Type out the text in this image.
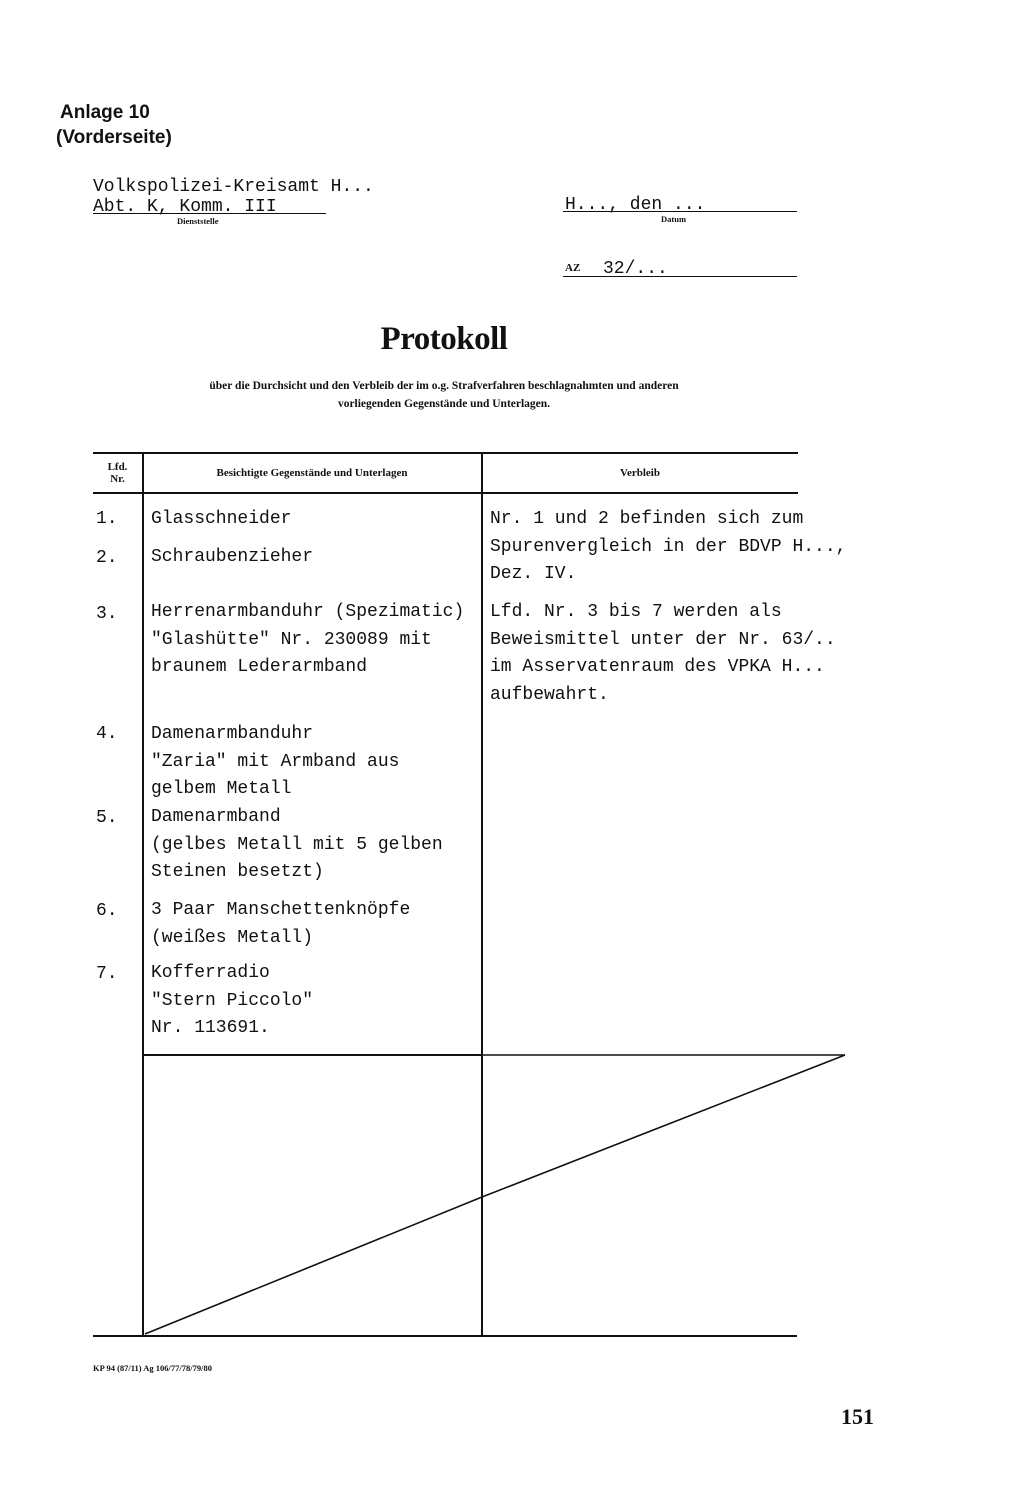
Anlage 10
(Vorderseite)
Volkspolizei-Kreisamt H...
Abt. K, Komm. III
Dienststelle
H..., den ...
Datum
AZ 32/...
Protokoll
über die Durchsicht und den Verbleib der im o.g. Strafverfahren beschlagnahmten und anderen
vorliegenden Gegenstände und Unterlagen.
Lfd.
Nr.	Besichtigte Gegenstände und Unterlagen	Verbleib
1.
2.
3.
4.
5.
6.
7.
Glasschneider
Schraubenzieher
Herrenarmbanduhr (Spezimatic)
"Glashütte" Nr. 230089 mit
braunem Lederarmband
Damenarmbanduhr
"Zaria" mit Armband aus
gelbem Metall
Damenarmband
(gelbes Metall mit 5 gelben
Steinen besetzt)
3 Paar Manschettenknöpfe
(weißes Metall)
Kofferradio
"Stern Piccolo"
Nr. 113691.
Nr. 1 und 2 befinden sich zum
Spurenvergleich in der BDVP H...,
Dez. IV.
Lfd. Nr. 3 bis 7 werden als
Beweismittel unter der Nr. 63/..
im Asservatenraum des VPKA H...
aufbewahrt.
KP 94 (87/11) Ag 106/77/78/79/80
151
